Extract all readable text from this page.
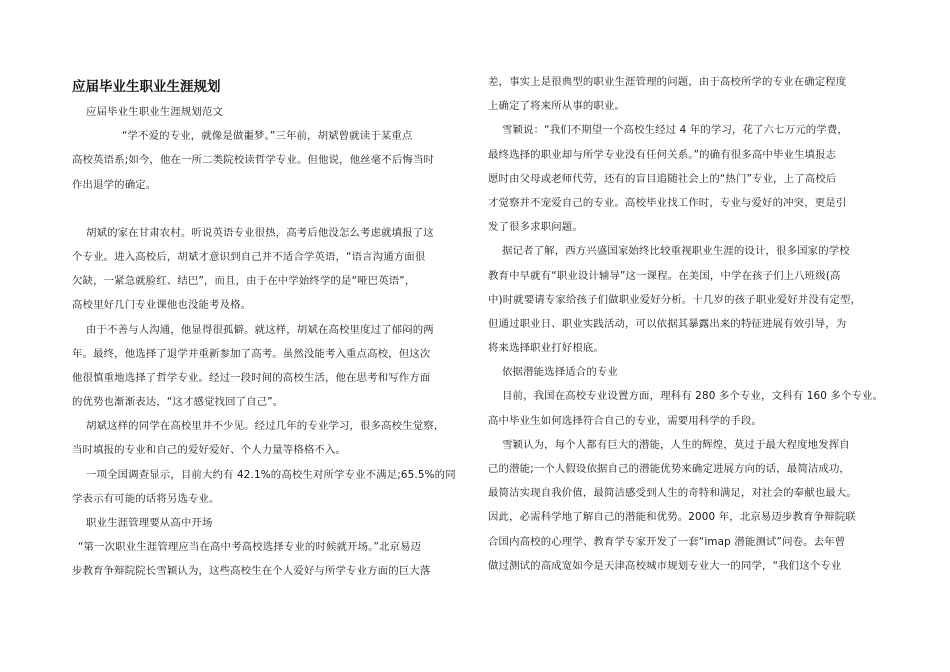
应届毕业生职业生涯规划
应届毕业生职业生涯规划范文
“学不爱的专业，就像是做噩梦。”三年前，胡斌曾就读于某重点
高校英语系;如今，他在一所二类院校读哲学专业。但他说，他丝毫不后悔当时
作出退学的确定。
胡斌的家在甘肃农村。听说英语专业很热，高考后他没怎么考虑就填报了这
个专业。进入高校后，胡斌才意识到自己并不适合学英语，“语言沟通方面很
欠缺，一紧急就脸红、结巴”，而且，由于在中学始终学的是“哑巴英语”，
高校里好几门专业课他也没能考及格。
由于不善与人沟通，他显得很孤僻。就这样，胡斌在高校里度过了郁闷的两
年。最终，他选择了退学并重新参加了高考。虽然没能考入重点高校，但这次
他很慎重地选择了哲学专业。经过一段时间的高校生活，他在思考和写作方面
的优势也渐渐表达，“这才感觉找回了自己”。
胡斌这样的同学在高校里并不少见。经过几年的专业学习，很多高校生觉察，
当时填报的专业和自己的爱好爱好、个人力量等格格不入。
一项全国调查显示，目前大约有 42.1%的高校生对所学专业不满足;65.5%的同
学表示有可能的话将另选专业。
职业生涯管理要从高中开场
“第一次职业生涯管理应当在高中考高校选择专业的时候就开场。”北京易迈
步教育争辩院院长雪颖认为，这些高校生在个人爱好与所学专业方面的巨大落
差，事实上是很典型的职业生涯管理的问题，由于高校所学的专业在确定程度
上确定了将来所从事的职业。
雪颖说：“我们不期望一个高校生经过 4 年的学习，花了六七万元的学费，
最终选择的职业却与所学专业没有任何关系。”的确有很多高中毕业生填报志
愿时由父母或老师代劳，还有的盲目追随社会上的“热门”专业，上了高校后
才觉察并不宠爱自己的专业。高校毕业找工作时，专业与爱好的冲突，更是引
发了很多求职问题。
据记者了解，西方兴盛国家始终比较重视职业生涯的设计，很多国家的学校
教育中早就有“职业设计辅导”这一课程。在美国，中学在孩子们上八班级(高
中)时就要请专家给孩子们做职业爱好分析。十几岁的孩子职业爱好并没有定型，
但通过职业日、职业实践活动，可以依据其暴露出来的特征进展有效引导，为
将来选择职业打好根底。
依据潜能选择适合的专业
目前，我国在高校专业设置方面，理科有 280 多个专业，文科有 160 多个专业。
高中毕业生如何选择符合自己的专业，需要用科学的手段。
雪颖认为，每个人都有巨大的潜能，人生的辉煌，莫过于最大程度地发挥自
己的潜能;一个人假设依据自己的潜能优势来确定进展方向的话，最简洁成功，
最简洁实现自我价值，最简洁感受到人生的奇特和满足，对社会的奉献也最大。
因此，必需科学地了解自己的潜能和优势。2000 年，北京易迈步教育争辩院联
合国内高校的心理学、教育学专家开发了一套“imap 潜能测试”问卷。去年曾
做过测试的高成宽如今是天津高校城市规划专业大一的同学，“我们这个专业
